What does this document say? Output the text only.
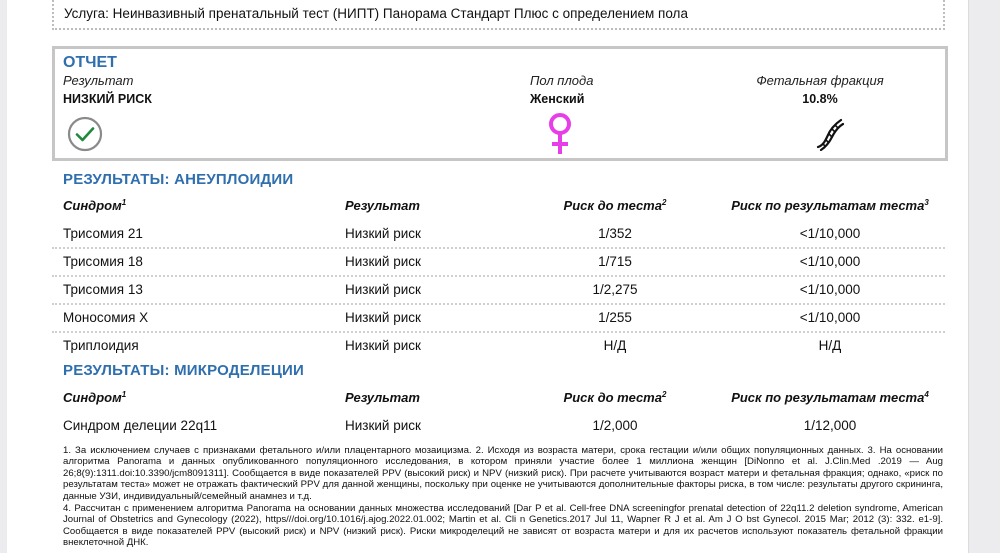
Услуга: Неинвазивный пренатальный тест (НИПТ) Панорама Стандарт Плюс с определением пола
ОТЧЕТ
Результат
НИЗКИЙ РИСК
Пол плода
Женский
Фетальная фракция
10.8%
РЕЗУЛЬТАТЫ: АНЕУПЛОИДИИ
Синдром$^1$	Результат	Риск до теста$^2$	Риск по результатам теста$^3$
Трисомия 21	Низкий риск	1/352	<1/10,000
Трисомия 18	Низкий риск	1/715	<1/10,000
Трисомия 13	Низкий риск	1/2,275	<1/10,000
Моносомия X	Низкий риск	1/255	<1/10,000
Триплоидия	Низкий риск	Н/Д	Н/Д
РЕЗУЛЬТАТЫ: МИКРОДЕЛЕЦИИ
Синдром$^1$	Результат	Риск до теста$^2$	Риск по результатам теста$^4$
Синдром делеции 22q11	Низкий риск	1/2,000	1/12,000

1. За исключением случаев с признаками фетального и/или плацентарного мозаицизма. 2. Исходя из возраста матери, срока гестации и/или общих популяционных данных. 3. На основании алгоритма Panorama и данных опубликованного популяционного исследования, в котором приняли участие более 1 миллиона женщин [DiNonno et al. J.Clin.Med .2019 — Aug 26;8(9):1311.doi:10.3390/jcm8091311]. Сообщается в виде показателей PPV (высокий риск) и NPV (низкий риск). При расчете учитываются возраст матери и фетальная фракция; однако, «риск по результатам теста» может не отражать фактический PPV для данной женщины, поскольку при оценке не учитываются дополнительные факторы риска, в том числе: результаты другого скрининга, данные УЗИ, индивидуальный/семейный анамнез и т.д.

4. Рассчитан с применением алгоритма Panorama на основании данных множества исследований [Dar P et al. Cell-free DNA screeningfor prenatal detection of 22q11.2 deletion syndrome, American Journal of Obstetrics and Gynecology (2022), https///doi.org/10.1016/j.ajog.2022.01.002; Martin et al. Cli n Genetics.2017 Jul 11, Wapner R J et al. Am J O bst Gynecol. 2015 Mar; 2012 (3): 332. e1-9]. Сообщается в виде показателей PPV (высокий риск) и NPV (низкий риск). Риски микроделеций не зависят от возраста матери и для их расчетов используют показатель фетальной фракции внеклеточной ДНК.
